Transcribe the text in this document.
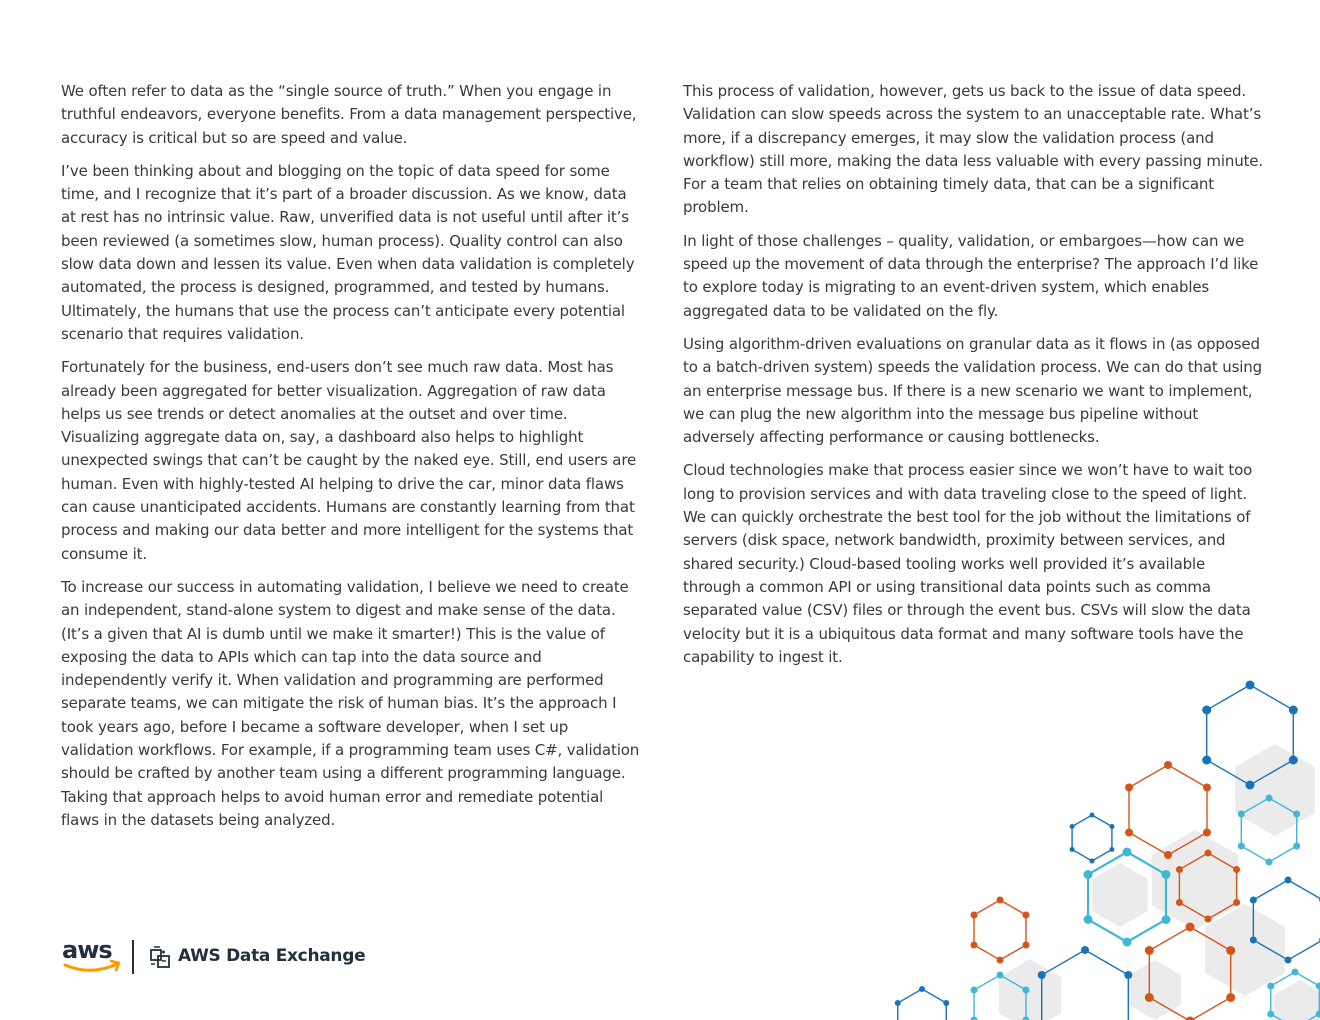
We often refer to data as the “single source of truth.” When you engage in truthful endeavors, everyone benefits. From a data management perspective, accuracy is critical but so are speed and value.

I’ve been thinking about and blogging on the topic of data speed for some time, and I recognize that it’s part of a broader discussion. As we know, data at rest has no intrinsic value. Raw, unverified data is not useful until after it’s been reviewed (a sometimes slow, human process). Quality control can also slow data down and lessen its value. Even when data validation is completely automated, the process is designed, programmed, and tested by humans. Ultimately, the humans that use the process can’t anticipate every potential scenario that requires validation.

Fortunately for the business, end-users don’t see much raw data. Most has already been aggregated for better visualization. Aggregation of raw data helps us see trends or detect anomalies at the outset and over time. Visualizing aggregate data on, say, a dashboard also helps to highlight unexpected swings that can’t be caught by the naked eye. Still, end users are human. Even with highly-tested AI helping to drive the car, minor data flaws can cause unanticipated accidents. Humans are constantly learning from that process and making our data better and more intelligent for the systems that consume it.

To increase our success in automating validation, I believe we need to create an independent, stand-alone system to digest and make sense of the data. (It’s a given that AI is dumb until we make it smarter!) This is the value of exposing the data to APIs which can tap into the data source and independently verify it. When validation and programming are performed separate teams, we can mitigate the risk of human bias. It’s the approach I took years ago, before I became a software developer, when I set up validation workflows. For example, if a programming team uses C#, validation should be crafted by another team using a different programming language. Taking that approach helps to avoid human error and remediate potential flaws in the datasets being analyzed.

This process of validation, however, gets us back to the issue of data speed. Validation can slow speeds across the system to an unacceptable rate. What’s more, if a discrepancy emerges, it may slow the validation process (and workflow) still more, making the data less valuable with every passing minute. For a team that relies on obtaining timely data, that can be a significant problem.

In light of those challenges – quality, validation, or embargoes—how can we speed up the movement of data through the enterprise? The approach I’d like to explore today is migrating to an event-driven system, which enables aggregated data to be validated on the fly.

Using algorithm-driven evaluations on granular data as it flows in (as opposed to a batch-driven system) speeds the validation process. We can do that using an enterprise message bus. If there is a new scenario we want to implement, we can plug the new algorithm into the message bus pipeline without adversely affecting performance or causing bottlenecks.

Cloud technologies make that process easier since we won’t have to wait too long to provision services and with data traveling close to the speed of light. We can quickly orchestrate the best tool for the job without the limitations of servers (disk space, network bandwidth, proximity between services, and shared security.) Cloud-based tooling works well provided it’s available through a common API or using transitional data points such as comma separated value (CSV) files or through the event bus. CSVs will slow the data velocity but it is a ubiquitous data format and many software tools have the capability to ingest it.

aws	AWS Data Exchange
